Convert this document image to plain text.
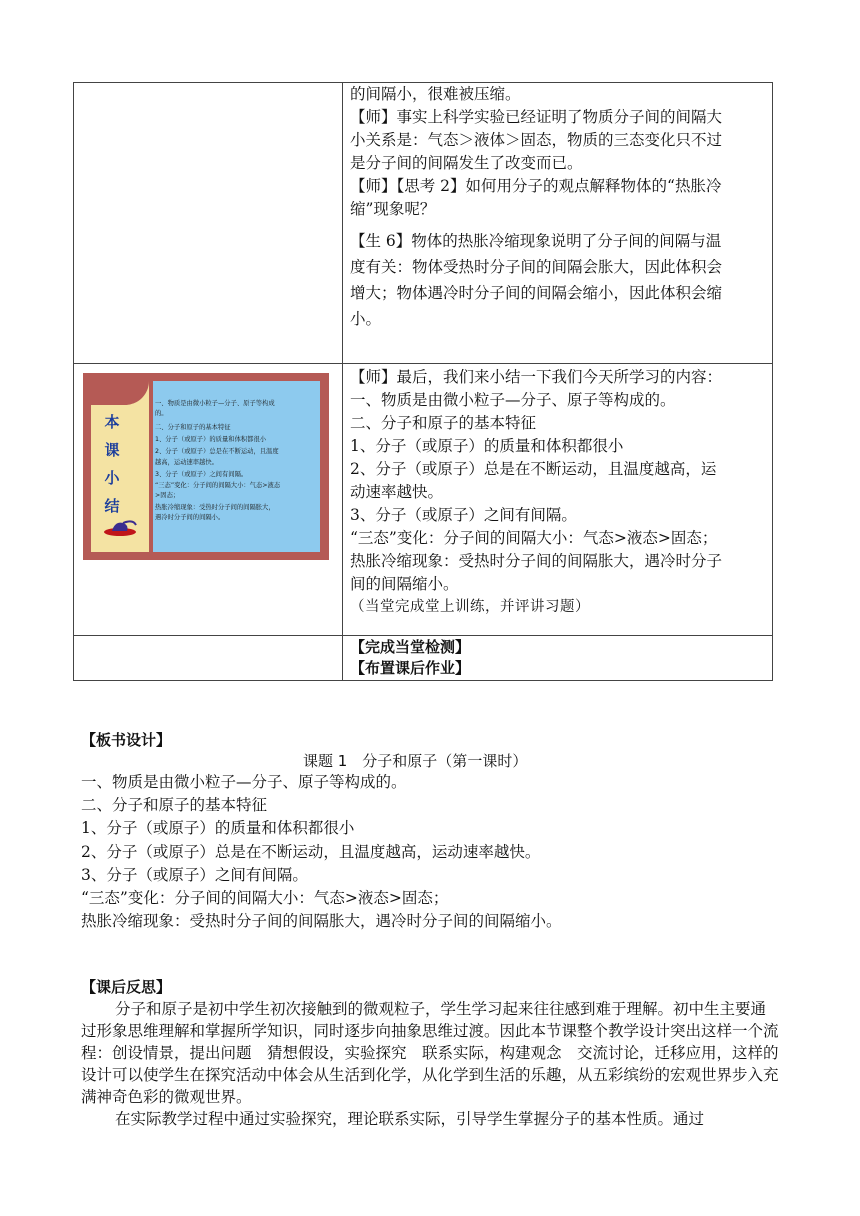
的间隔小，很难被压缩。

【师】事实上科学实验已经证明了物质分子间的间隔大

小关系是：气态＞液体＞固态，物质的三态变化只不过

是分子间的间隔发生了改变而已。

【师】【思考 2】如何用分子的观点解释物体的“热胀冷

缩”现象呢？

【生 6】物体的热胀冷缩现象说明了分子间的间隔与温

度有关：物体受热时分子间的间隔会胀大，因此体积会

增大；物体遇冷时分子间的间隔会缩小，因此体积会缩

小。

本
课
小
结
一、物质是由微小粒子—分子、原子等构成
的。
二、分子和原子的基本特征
1、分子（或原子）的质量和体积都很小
2、分子（或原子）总是在不断运动，且温度
越高，运动速率越快。
3、分子（或原子）之间有间隔。
“三态”变化：分子间的间隔大小：气态>液态
>固态；
热胀冷缩现象：受热时分子间的间隔胀大，
遇冷时分子间的间隔小。

【师】最后，我们来小结一下我们今天所学习的内容：

一、物质是由微小粒子—分子、原子等构成的。

二、分子和原子的基本特征

1、分子（或原子）的质量和体积都很小

2、分子（或原子）总是在不断运动，且温度越高，运

动速率越快。

3、分子（或原子）之间有间隔。

“三态”变化：分子间的间隔大小：气态>液态>固态；

热胀冷缩现象：受热时分子间的间隔胀大，遇冷时分子

间的间隔缩小。

（当堂完成堂上训练，并评讲习题）

【完成当堂检测】

【布置课后作业】

【板书设计】
课题 1　分子和原子（第一课时）
一、物质是由微小粒子—分子、原子等构成的。
二、分子和原子的基本特征
1、分子（或原子）的质量和体积都很小
2、分子（或原子）总是在不断运动，且温度越高，运动速率越快。
3、分子（或原子）之间有间隔。
“三态”变化：分子间的间隔大小：气态>液态>固态；
热胀冷缩现象：受热时分子间的间隔胀大，遇冷时分子间的间隔缩小。
【课后反思】

分子和原子是初中学生初次接触到的微观粒子，学生学习起来往往感到难于理解。初中生主要通过形象思维理解和掌握所学知识，同时逐步向抽象思维过渡。因此本节课整个教学设计突出这样一个流程：创设情景，提出问题　猜想假设，实验探究　联系实际，构建观念　交流讨论，迁移应用，这样的设计可以使学生在探究活动中体会从生活到化学，从化学到生活的乐趣，从五彩缤纷的宏观世界步入充满神奇色彩的微观世界。

在实际教学过程中通过实验探究，理论联系实际，引导学生掌握分子的基本性质。通过
